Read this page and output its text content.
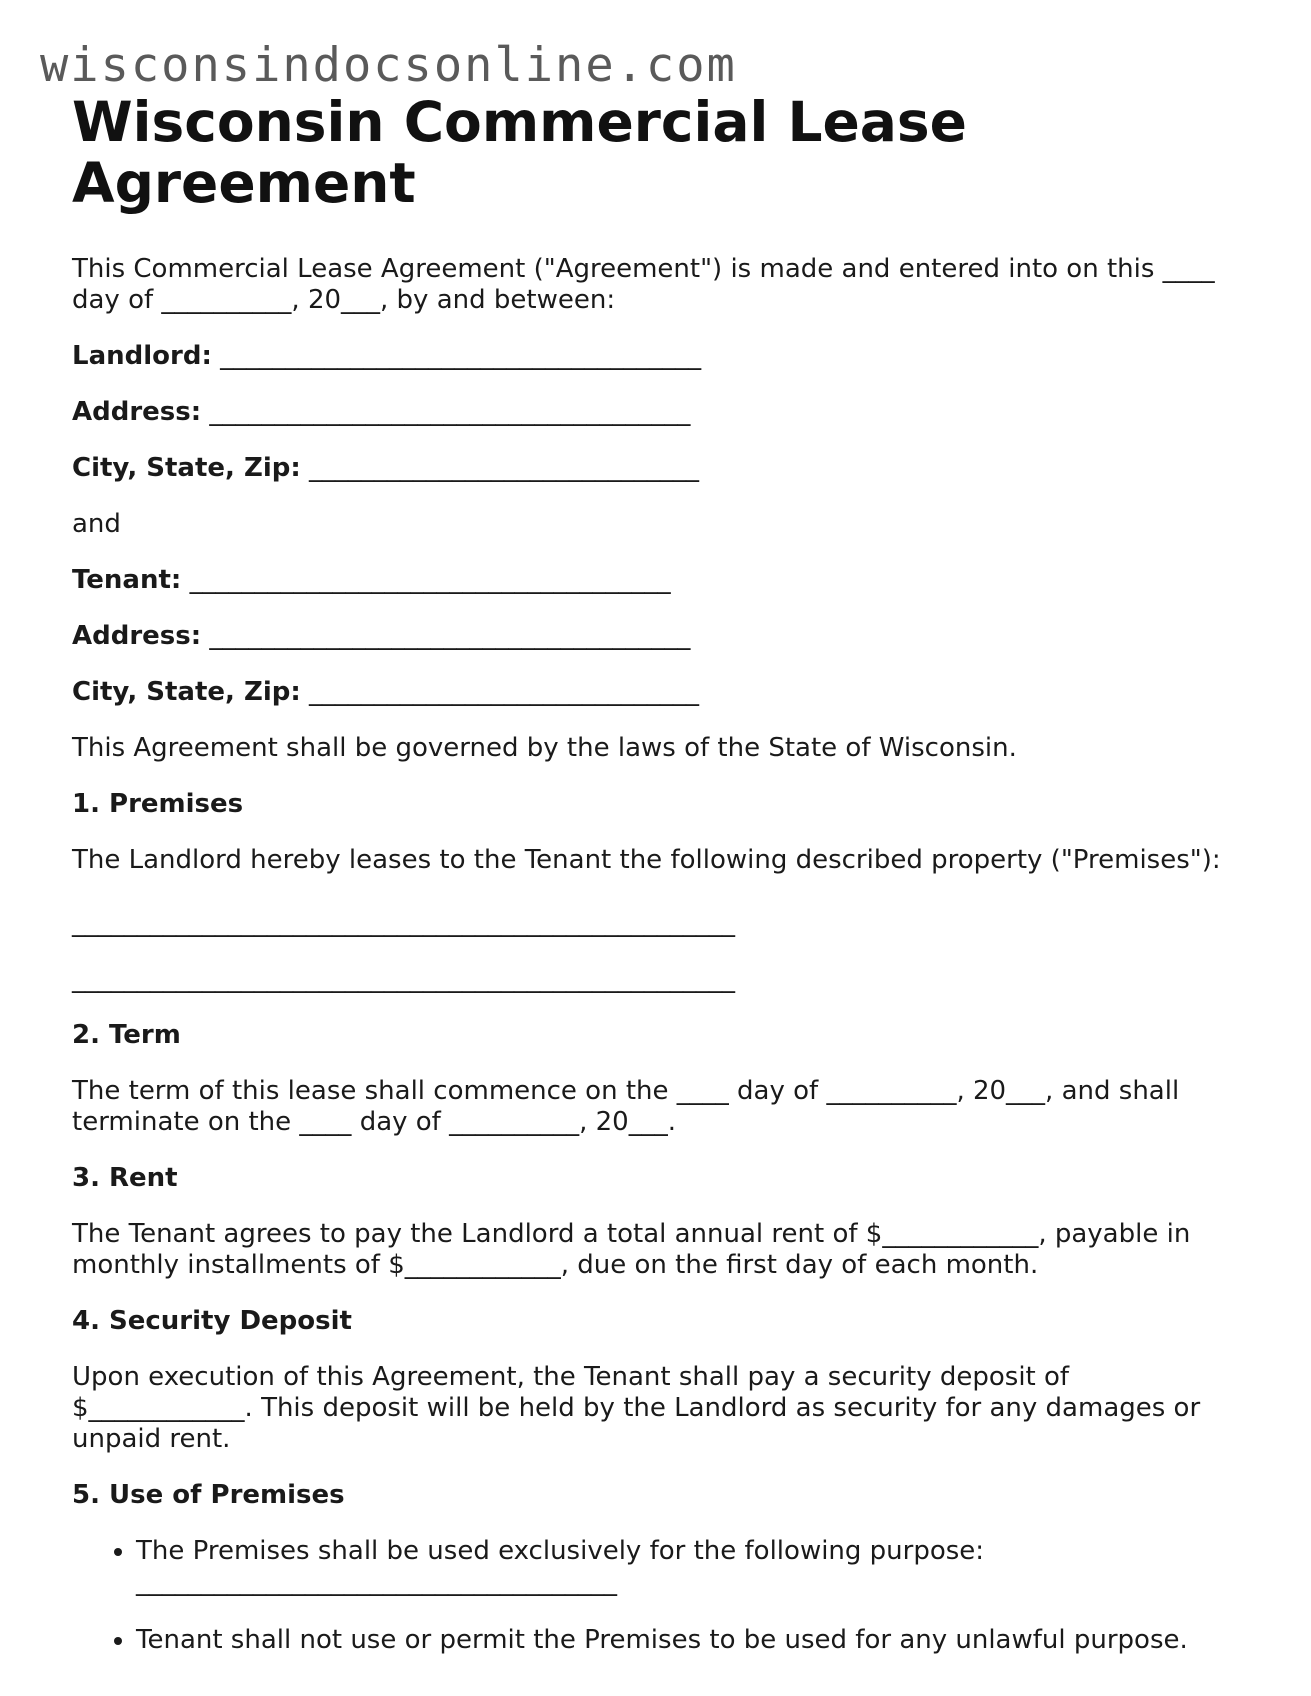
wisconsindocsonline.com
Wisconsin Commercial Lease Agreement

This Commercial Lease Agreement ("Agreement") is made and entered into on this ____ day of __________, 20___, by and between:

Landlord: _____________________________________
Address: _____________________________________
City, State, Zip: ______________________________

and

Tenant: _____________________________________
Address: _____________________________________
City, State, Zip: ______________________________

This Agreement shall be governed by the laws of the State of Wisconsin.

1. Premises

The Landlord hereby leases to the Tenant the following described property ("Premises"):

___________________________________________________
___________________________________________________
2. Term

The term of this lease shall commence on the ____ day of __________, 20___, and shall terminate on the ____ day of __________, 20___.

3. Rent

The Tenant agrees to pay the Landlord a total annual rent of $____________, payable in monthly installments of $____________, due on the first day of each month.

4. Security Deposit

Upon execution of this Agreement, the Tenant shall pay a security deposit of $____________. This deposit will be held by the Landlord as security for any damages or unpaid rent.

5. Use of Premises
• The Premises shall be used exclusively for the following purpose: _____________________________________
• Tenant shall not use or permit the Premises to be used for any unlawful purpose.
